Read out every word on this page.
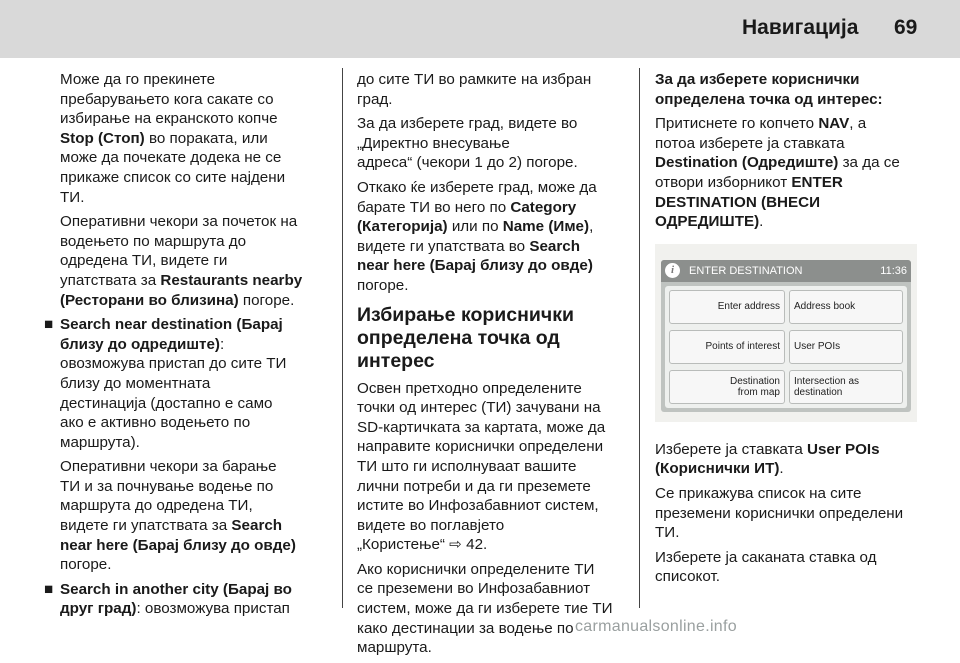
Навигација 69

Може да го прекинете
пребарувањето кога сакате со
избирање на екранското копче
Stop (Стоп) во пораката, или
може да почекате додека не се
прикаже список со сите најдени
ТИ.

Оперативни чекори за почеток на
водењето по маршрута до
одредена ТИ, видете ги
упатствата за Restaurants nearby
(Ресторани во близина) погоре.

■ Search near destination (Барај
близу до одредиште):
овозможува пристап до сите ТИ
близу до моментната
дестинација (достапно е само
ако е активно водењето по
маршрута).

Оперативни чекори за барање
ТИ и за почнување водење по
маршрута до одредена ТИ,
видете ги упатствата за Search
near here (Барај близу до овде)
погоре.

■ Search in another city (Барај во
друг град): овозможува пристап

до сите ТИ во рамките на избран
град.

За да изберете град, видете во
„Директно внесување
адреса“ (чекори 1 до 2) погоре.

Откако ќе изберете град, може да
барате ТИ во него по Category
(Категорија) или по Name (Име),
видете ги упатствата во Search
near here (Барај близу до овде)
погоре.

Избирање кориснички
определена точка од интерес

Освен претходно определените
точки од интерес (ТИ) зачувани на
SD-картичката за картата, може да
направите кориснички определени
ТИ што ги исполнуваат вашите
лични потреби и да ги преземете
истите во Инфозабавниот систем,
видете во поглавјето
„Користење“ ⇨ 42.

Ако кориснички определените ТИ
се преземени во Инфозабавниот
систем, може да ги изберете тие ТИ
како дестинации за водење по
маршрута.

За да изберете кориснички
определена точка од интерес:

Притиснете го копчето NAV, а
потоа изберете ја ставката
Destination (Одредиште) за да се
отвори изборникот ENTER
DESTINATION (ВНЕСИ
ОДРЕДИШТЕ).

i	ENTER DESTINATION	11:36
Enter address Address book
Points of interest User POIs
Destination
from map
Intersection as
destination

Изберете ја ставката User POIs
(Кориснички ИТ).

Се прикажува список на сите
преземени кориснички определени
ТИ.

Изберете ја саканата ставка од
списокот.

carmanualsonline.info
